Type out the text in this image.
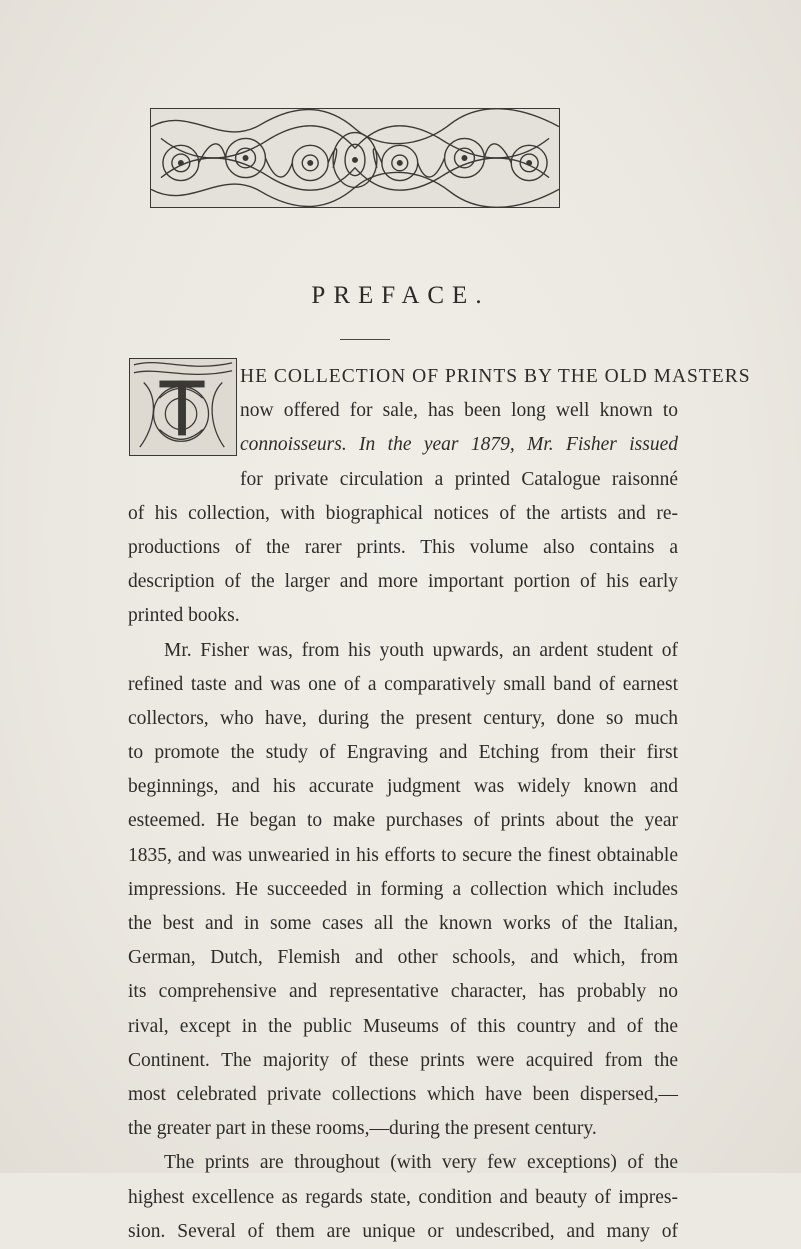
PREFACE.
HE COLLECTION OF PRINTS BY THE OLD MASTERS
now offered for sale, has been long well known to
connoisseurs. In the year 1879, Mr. Fisher issued
for private circulation a printed Catalogue raisonné
of his collection, with biographical notices of the artists and re-
productions of the rarer prints. This volume also contains a
description of the larger and more important portion of his early
printed books.
Mr. Fisher was, from his youth upwards, an ardent student of
refined taste and was one of a comparatively small band of earnest
collectors, who have, during the present century, done so much
to promote the study of Engraving and Etching from their first
beginnings, and his accurate judgment was widely known and
esteemed. He began to make purchases of prints about the year
1835, and was unwearied in his efforts to secure the finest obtainable
impressions. He succeeded in forming a collection which includes
the best and in some cases all the known works of the Italian,
German, Dutch, Flemish and other schools, and which, from
its comprehensive and representative character, has probably no
rival, except in the public Museums of this country and of the
Continent. The majority of these prints were acquired from the
most celebrated private collections which have been dispersed,—
the greater part in these rooms,—during the present century.
The prints are throughout (with very few exceptions) of the
highest excellence as regards state, condition and beauty of impres-
sion. Several of them are unique or undescribed, and many of
